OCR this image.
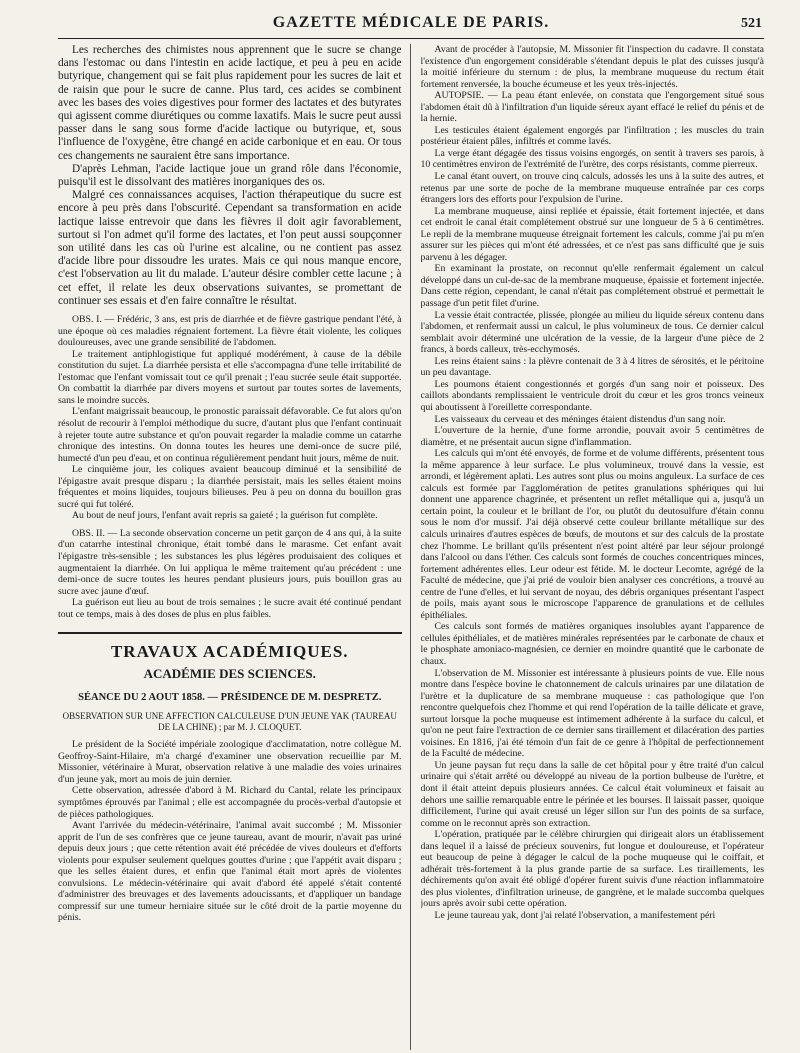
GAZETTE MÉDICALE DE PARIS.	521

Les recherches des chimistes nous apprennent que le sucre se change dans l'estomac ou dans l'intestin en acide lactique, et peu à peu en acide butyrique, changement qui se fait plus rapidement pour les sucres de lait et de raisin que pour le sucre de canne. Plus tard, ces acides se combinent avec les bases des voies digestives pour former des lactates et des butyrates qui agissent comme diurétiques ou comme laxatifs. Mais le sucre peut aussi passer dans le sang sous forme d'acide lactique ou butyrique, et, sous l'influence de l'oxygène, être changé en acide carbonique et en eau. Or tous ces changements ne sauraient être sans importance.

D'après Lehman, l'acide lactique joue un grand rôle dans l'économie, puisqu'il est le dissolvant des matières inorganiques des os.

Malgré ces connaissances acquises, l'action thérapeutique du sucre est encore à peu près dans l'obscurité. Cependant sa transformation en acide lactique laisse entrevoir que dans les fièvres il doit agir favorablement, surtout si l'on admet qu'il forme des lactates, et l'on peut aussi soupçonner son utilité dans les cas où l'urine est alcaline, ou ne contient pas assez d'acide libre pour dissoudre les urates. Mais ce qui nous manque encore, c'est l'observation au lit du malade. L'auteur désire combler cette lacune ; à cet effet, il relate les deux observations suivantes, se promettant de continuer ses essais et d'en faire connaître le résultat.

OBS. I. — Frédéric, 3 ans, est pris de diarrhée et de fièvre gastrique pendant l'été, à une époque où ces maladies régnaient fortement. La fièvre était violente, les coliques douloureuses, avec une grande sensibilité de l'abdomen.

Le traitement antiphlogistique fut appliqué modérément, à cause de la débile constitution du sujet. La diarrhée persista et elle s'accompagna d'une telle irritabilité de l'estomac que l'enfant vomissait tout ce qu'il prenait ; l'eau sucrée seule était supportée. On combattit la diarrhée par divers moyens et surtout par toutes sortes de lavements, sans le moindre succès.

L'enfant maigrissait beaucoup, le pronostic paraissait défavorable. Ce fut alors qu'on résolut de recourir à l'emploi méthodique du sucre, d'autant plus que l'enfant continuait à rejeter toute autre substance et qu'on pouvait regarder la maladie comme un catarrhe chronique des intestins. On donna toutes les heures une demi-once de sucre pilé, humecté d'un peu d'eau, et on continua régulièrement pendant huit jours, même de nuit.

Le cinquième jour, les coliques avaient beaucoup diminué et la sensibilité de l'épigastre avait presque disparu ; la diarrhée persistait, mais les selles étaient moins fréquentes et moins liquides, toujours bilieuses. Peu à peu on donna du bouillon gras sucré qui fut toléré.

Au bout de neuf jours, l'enfant avait repris sa gaieté ; la guérison fut complète.

OBS. II. — La seconde observation concerne un petit garçon de 4 ans qui, à la suite d'un catarrhe intestinal chronique, était tombé dans le marasme. Cet enfant avait l'épigastre très-sensible ; les substances les plus légères produisaient des coliques et augmentaient la diarrhée. On lui appliqua le même traitement qu'au précédent : une demi-once de sucre toutes les heures pendant plusieurs jours, puis bouillon gras au sucre avec jaune d'œuf.

La guérison eut lieu au bout de trois semaines ; le sucre avait été continué pendant tout ce temps, mais à des doses de plus en plus faibles.

TRAVAUX ACADÉMIQUES.
ACADÉMIE DES SCIENCES.
SÉANCE DU 2 AOUT 1858. — PRÉSIDENCE DE M. DESPRETZ.
OBSERVATION SUR UNE AFFECTION CALCULEUSE D'UN JEUNE YAK (TAUREAU DE LA CHINE) ; par M. J. CLOQUET.

Le président de la Société impériale zoologique d'acclimatation, notre collègue M. Geoffroy-Saint-Hilaire, m'a chargé d'examiner une observation recueillie par M. Missonier, vétérinaire à Murat, observation relative à une maladie des voies urinaires d'un jeune yak, mort au mois de juin dernier.

Cette observation, adressée d'abord à M. Richard du Cantal, relate les principaux symptômes éprouvés par l'animal ; elle est accompagnée du procès-verbal d'autopsie et de pièces pathologiques.

Avant l'arrivée du médecin-vétérinaire, l'animal avait succombé ; M. Missonier apprit de l'un de ses confrères que ce jeune taureau, avant de mourir, n'avait pas uriné depuis deux jours ; que cette rétention avait été précédée de vives douleurs et d'efforts violents pour expulser seulement quelques gouttes d'urine ; que l'appétit avait disparu ; que les selles étaient dures, et enfin que l'animal était mort après de violentes convulsions. Le médecin-vétérinaire qui avait d'abord été appelé s'était contenté d'administrer des breuvages et des lavements adoucissants, et d'appliquer un bandage compressif sur une tumeur herniaire située sur le côté droit de la partie moyenne du pénis.

Avant de procéder à l'autopsie, M. Missonier fit l'inspection du cadavre. Il constata l'existence d'un engorgement considérable s'étendant depuis le plat des cuisses jusqu'à la moitié inférieure du sternum : de plus, la membrane muqueuse du rectum était fortement renversée, la bouche écumeuse et les yeux très-injectés.

AUTOPSIE. — La peau étant enlevée, on constata que l'engorgement situé sous l'abdomen était dû à l'infiltration d'un liquide séreux ayant effacé le relief du pénis et de la hernie.

Les testicules étaient également engorgés par l'infiltration ; les muscles du train postérieur étaient pâles, infiltrés et comme lavés.

La verge étant dégagée des tissus voisins engorgés, on sentit à travers ses parois, à 10 centimètres environ de l'extrémité de l'urètre, des corps résistants, comme pierreux.

Le canal étant ouvert, on trouve cinq calculs, adossés les uns à la suite des autres, et retenus par une sorte de poche de la membrane muqueuse entraînée par ces corps étrangers lors des efforts pour l'expulsion de l'urine.

La membrane muqueuse, ainsi repliée et épaissie, était fortement injectée, et dans cet endroit le canal était complétement obstrué sur une longueur de 5 à 6 centimètres. Le repli de la membrane muqueuse étreignait fortement les calculs, comme j'ai pu m'en assurer sur les pièces qui m'ont été adressées, et ce n'est pas sans difficulté que je suis parvenu à les dégager.

En examinant la prostate, on reconnut qu'elle renfermait également un calcul développé dans un cul-de-sac de la membrane muqueuse, épaissie et fortement injectée. Dans cette région, cependant, le canal n'était pas complétement obstrué et permettait le passage d'un petit filet d'urine.

La vessie était contractée, plissée, plongée au milieu du liquide séreux contenu dans l'abdomen, et renfermait aussi un calcul, le plus volumineux de tous. Ce dernier calcul semblait avoir déterminé une ulcération de la vessie, de la largeur d'une pièce de 2 francs, à bords calleux, très-ecchymosés.

Les reins étaient sains : la plèvre contenait de 3 à 4 litres de sérosités, et le péritoine un peu davantage.

Les poumons étaient congestionnés et gorgés d'un sang noir et poisseux. Des caillots abondants remplissaient le ventricule droit du cœur et les gros troncs veineux qui aboutissent à l'oreillette correspondante.

Les vaisseaux du cerveau et des méninges étaient distendus d'un sang noir.

L'ouverture de la hernie, d'une forme arrondie, pouvait avoir 5 centimètres de diamètre, et ne présentait aucun signe d'inflammation.

Les calculs qui m'ont été envoyés, de forme et de volume différents, présentent tous la même apparence à leur surface. Le plus volumineux, trouvé dans la vessie, est arrondi, et légèrement aplati. Les autres sont plus ou moins anguleux. La surface de ces calculs est formée par l'agglomération de petites granulations sphériques qui lui donnent une apparence chagrinée, et présentent un reflet métallique qui a, jusqu'à un certain point, la couleur et le brillant de l'or, ou plutôt du deutosulfure d'étain connu sous le nom d'or mussif. J'ai déjà observé cette couleur brillante métallique sur des calculs urinaires d'autres espèces de bœufs, de moutons et sur des calculs de la prostate chez l'homme. Le brillant qu'ils présentent n'est point altéré par leur séjour prolongé dans l'alcool ou dans l'éther. Ces calculs sont formés de couches concentriques minces, fortement adhérentes elles. Leur odeur est fétide. M. le docteur Lecomte, agrégé de la Faculté de médecine, que j'ai prié de vouloir bien analyser ces concrétions, a trouvé au centre de l'une d'elles, et lui servant de noyau, des débris organiques présentant l'aspect de poils, mais ayant sous le microscope l'apparence de granulations et de cellules épithéliales.

Ces calculs sont formés de matières organiques insolubles ayant l'apparence de cellules épithéliales, et de matières minérales représentées par le carbonate de chaux et le phosphate amoniaco-magnésien, ce dernier en moindre quantité que le carbonate de chaux.

L'observation de M. Missonier est intéressante à plusieurs points de vue. Elle nous montre dans l'espèce bovine le chatonnement de calculs urinaires par une dilatation de l'urètre et la duplicature de sa membrane muqueuse : cas pathologique que l'on rencontre quelquefois chez l'homme et qui rend l'opération de la taille délicate et grave, surtout lorsque la poche muqueuse est intimement adhérente à la surface du calcul, et qu'on ne peut faire l'extraction de ce dernier sans tiraillement et dilacération des parties voisines. En 1816, j'ai été témoin d'un fait de ce genre à l'hôpital de perfectionnement de la Faculté de médecine.

Un jeune paysan fut reçu dans la salle de cet hôpital pour y être traité d'un calcul urinaire qui s'était arrêté ou développé au niveau de la portion bulbeuse de l'urètre, et dont il était atteint depuis plusieurs années. Ce calcul était volumineux et faisait au dehors une saillie remarquable entre le périnée et les bourses. Il laissait passer, quoique difficilement, l'urine qui avait creusé un léger sillon sur l'un des points de sa surface, comme on le reconnut après son extraction.

L'opération, pratiquée par le célèbre chirurgien qui dirigeait alors un établissement dans lequel il a laissé de précieux souvenirs, fut longue et douloureuse, et l'opérateur eut beaucoup de peine à dégager le calcul de la poche muqueuse qui le coiffait, et adhérait très-fortement à la plus grande partie de sa surface. Les tiraillements, les déchirements qu'on avait été obligé d'opérer furent suivis d'une réaction inflammatoire des plus violentes, d'infiltration urineuse, de gangrène, et le malade succomba quelques jours après avoir subi cette opération.

Le jeune taureau yak, dont j'ai relaté l'observation, a manifestement péri
